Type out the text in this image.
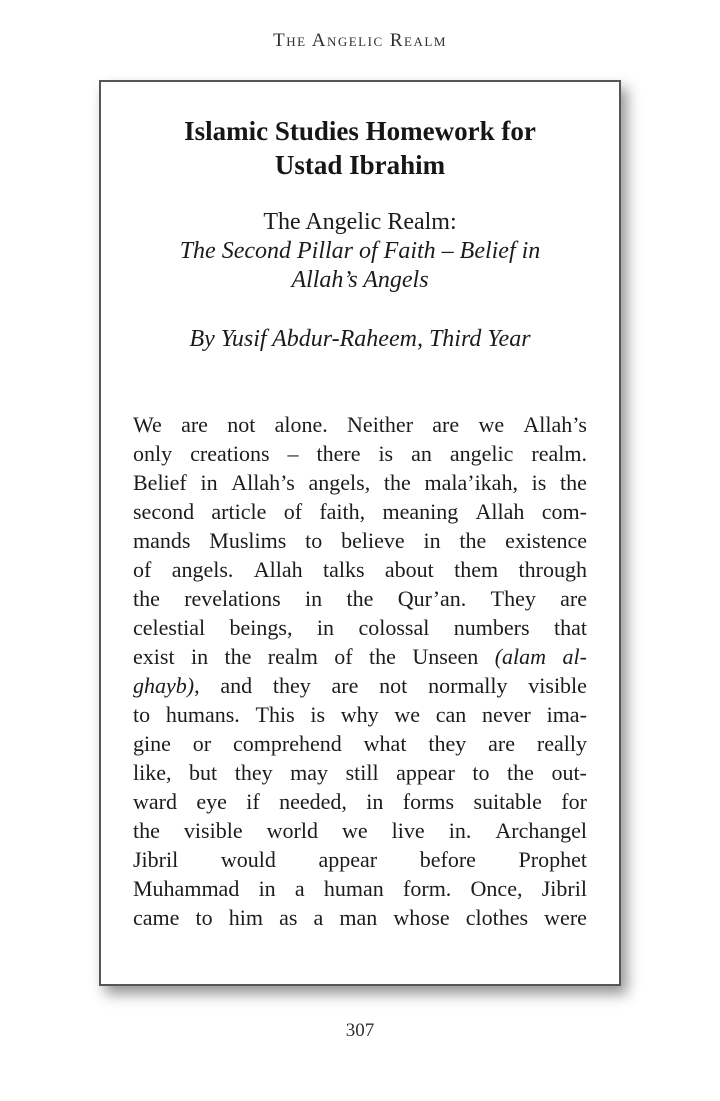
The Angelic Realm
Islamic Studies Homework for
Ustad Ibrahim
The Angelic Realm:
The Second Pillar of Faith – Belief in
Allah’s Angels
By Yusif Abdur-Raheem, Third Year
We are not alone. Neither are we Allah’s
only creations – there is an angelic realm.
Belief in Allah’s angels, the mala’ikah, is the
second article of faith, meaning Allah com-
mands Muslims to believe in the existence
of angels. Allah talks about them through
the revelations in the Qur’an. They are
celestial beings, in colossal numbers that
exist in the realm of the Unseen (alam al-
ghayb), and they are not normally visible
to humans. This is why we can never ima-
gine or comprehend what they are really
like, but they may still appear to the out-
ward eye if needed, in forms suitable for
the visible world we live in. Archangel
Jibril would appear before Prophet
Muhammad in a human form. Once, Jibril
came to him as a man whose clothes were
307
